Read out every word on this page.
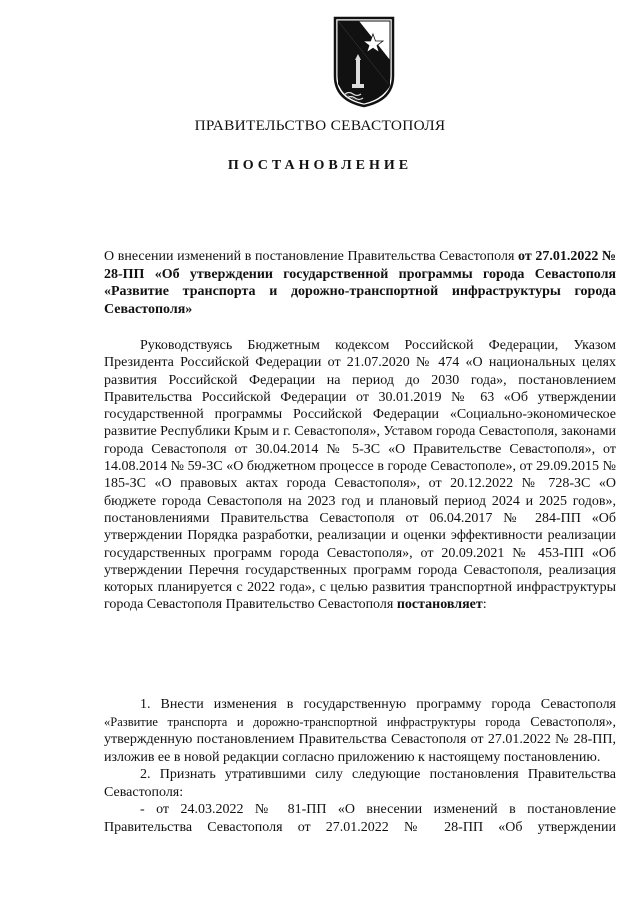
ПРАВИТЕЛЬСТВО СЕВАСТОПОЛЯ
ПОСТАНОВЛЕНИЕ
О внесении изменений в постановление Правительства Севастополя от 27.01.2022 № 28-ПП «Об утверждении государственной программы города Севастополя «Развитие транспорта и дорожно-транспортной инфраструктуры города Севастополя»

Руководствуясь Бюджетным кодексом Российской Федерации, Указом Президента Российской Федерации от 21.07.2020 № 474 «О национальных целях развития Российской Федерации на период до 2030 года», постановлением Правительства Российской Федерации от 30.01.2019 № 63 «Об утверждении государственной программы Российской Федерации «Социально-экономическое развитие Республики Крым и г. Севастополя», Уставом города Севастополя, законами города Севастополя от 30.04.2014 № 5-ЗС «О Правительстве Севастополя», от 14.08.2014 № 59-ЗС «О бюджетном процессе в городе Севастополе», от 29.09.2015 № 185-ЗС «О правовых актах города Севастополя», от 20.12.2022 № 728-ЗС «О бюджете города Севастополя на 2023 год и плановый период 2024 и 2025 годов», постановлениями Правительства Севастополя от 06.04.2017 № 284-ПП «Об утверждении Порядка разработки, реализации и оценки эффективности реализации государственных программ города Севастополя», от 20.09.2021 № 453-ПП «Об утверждении Перечня государственных программ города Севастополя, реализация которых планируется с 2022 года», с целью развития транспортной инфраструктуры города Севастополя Правительство Севастополя постановляет:

1. Внести изменения в государственную программу города Севастополя «Развитие транспорта и дорожно-транспортной инфраструктуры города Севастополя», утвержденную постановлением Правительства Севастополя от 27.01.2022 № 28-ПП, изложив ее в новой редакции согласно приложению к настоящему постановлению.

2. Признать утратившими силу следующие постановления Правительства Севастополя:

- от 24.03.2022 № 81-ПП «О внесении изменений в постановление Правительства Севастополя от 27.01.2022 № 28-ПП «Об утверждении
